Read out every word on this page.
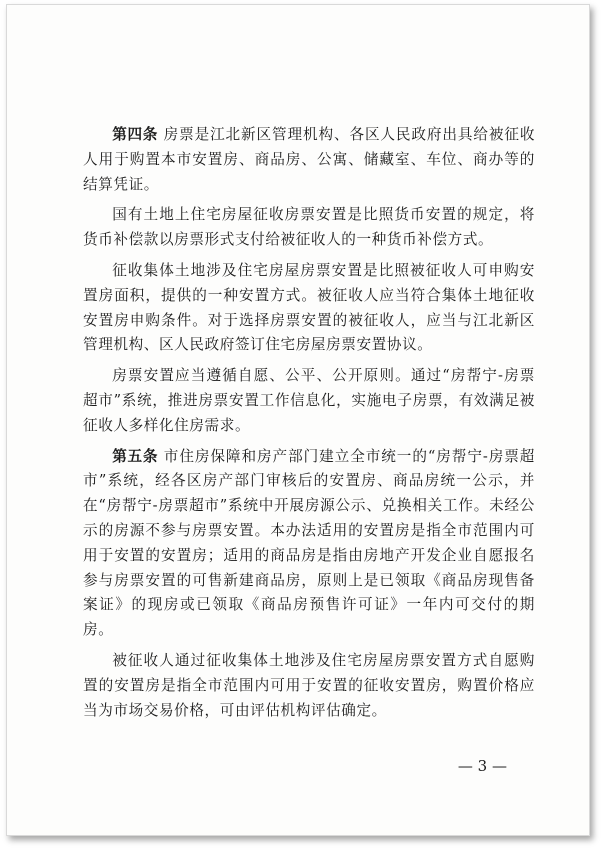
第四条 房票是江北新区管理机构、各区人民政府出具给被征收人用于购置本市安置房、商品房、公寓、储藏室、车位、商办等的结算凭证。

国有土地上住宅房屋征收房票安置是比照货币安置的规定，将货币补偿款以房票形式支付给被征收人的一种货币补偿方式。

征收集体土地涉及住宅房屋房票安置是比照被征收人可申购安置房面积，提供的一种安置方式。被征收人应当符合集体土地征收安置房申购条件。对于选择房票安置的被征收人，应当与江北新区管理机构、区人民政府签订住宅房屋房票安置协议。

房票安置应当遵循自愿、公平、公开原则。通过“房帮宁-房票超市”系统，推进房票安置工作信息化，实施电子房票，有效满足被征收人多样化住房需求。

第五条 市住房保障和房产部门建立全市统一的“房帮宁-房票超市”系统，经各区房产部门审核后的安置房、商品房统一公示，并在“房帮宁-房票超市”系统中开展房源公示、兑换相关工作。未经公示的房源不参与房票安置。本办法适用的安置房是指全市范围内可用于安置的安置房；适用的商品房是指由房地产开发企业自愿报名参与房票安置的可售新建商品房，原则上是已领取《商品房现售备案证》的现房或已领取《商品房预售许可证》一年内可交付的期房。

被征收人通过征收集体土地涉及住宅房屋房票安置方式自愿购置的安置房是指全市范围内可用于安置的征收安置房，购置价格应当为市场交易价格，可由评估机构评估确定。

— 3 —
